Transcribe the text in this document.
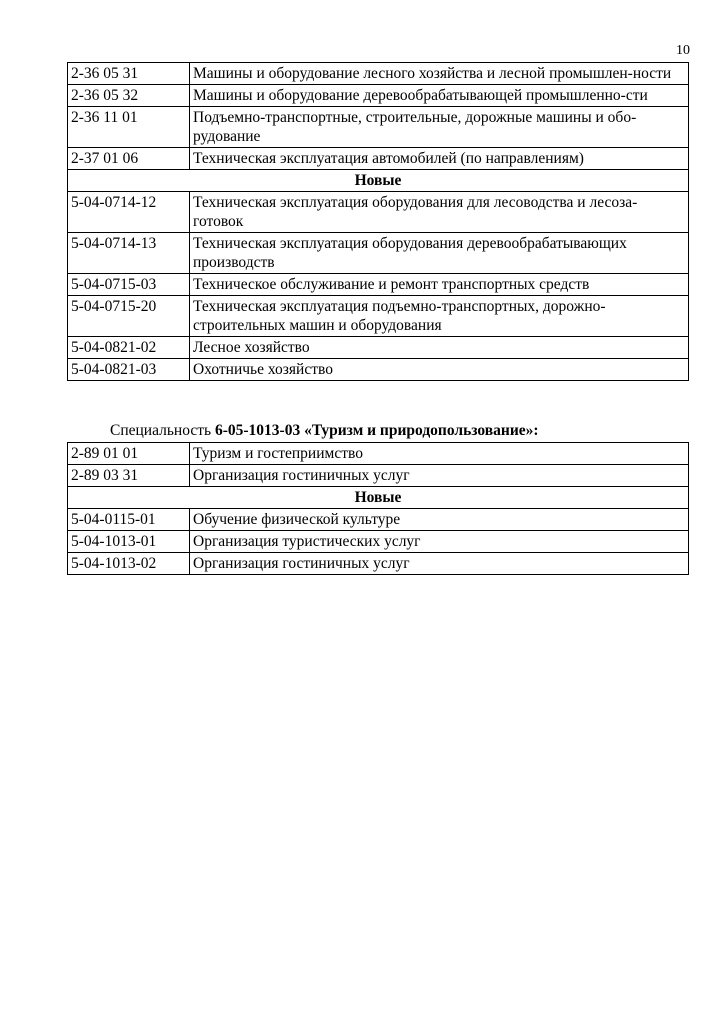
10
2-36 05 31	Машины и оборудование лесного хозяйства и лесной промышлен-ности
2-36 05 32	Машины и оборудование деревообрабатывающей промышленно-сти
2-36 11 01	Подъемно-транспортные, строительные, дорожные машины и обо-рудование
2-37 01 06	Техническая эксплуатация автомобилей (по направлениям)
Новые	
5-04-0714-12	Техническая эксплуатация оборудования для лесоводства и лесоза-готовок
5-04-0714-13	Техническая эксплуатация оборудования деревообрабатывающих производств
5-04-0715-03	Техническое обслуживание и ремонт транспортных средств
5-04-0715-20	Техническая эксплуатация подъемно-транспортных, дорожно-строительных машин и оборудования
5-04-0821-02	Лесное хозяйство
5-04-0821-03	Охотничье хозяйство
Специальность 6-05-1013-03 «Туризм и природопользование»:
2-89 01 01	Туризм и гостеприимство
2-89 03 31	Организация гостиничных услуг
Новые	
5-04-0115-01	Обучение физической культуре
5-04-1013-01	Организация туристических услуг
5-04-1013-02	Организация гостиничных услуг
